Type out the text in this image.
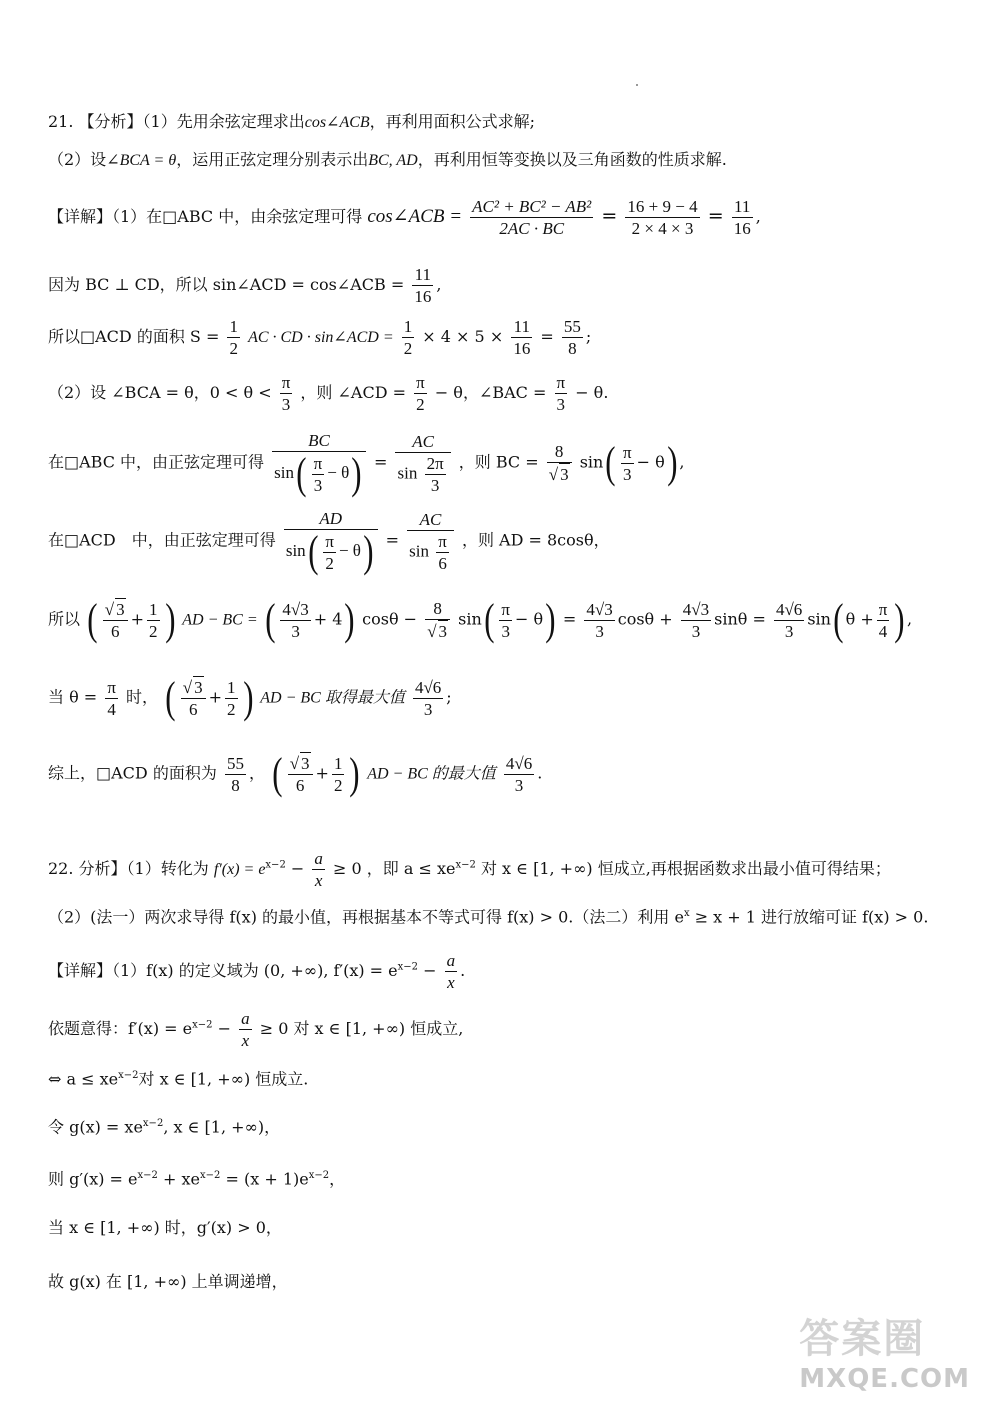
21. 【分析】（1）先用余弦定理求出cos∠ACB，再利用面积公式求解;
（2）设∠BCA = θ，运用正弦定理分别表示出BC, AD，再利用恒等变换以及三角函数的性质求解.
【详解】（1）在□ABC 中，由余弦定理可得 cos∠ACB = $\frac{\text{AC² + BC² − AB²}}{2AC \cdot BC} = \frac{16 + 9 - 4}{2 \times 4 \times 3} = \frac{11}{16}$ ,
因为 BC ⊥ CD，所以 sin∠ACD = cos∠ACB = $\frac{11}{16}$ ,
所以□ACD 的面积 $S = \frac{1}{2}$ AC · CD · sin∠ACD = $\frac{1}{2} \times 4 \times 5 \times \frac{11}{16} = \frac{55}{8}$ ;
（2）设 ∠BCA = θ，$0 < \theta < \frac{\pi}{3}$ ，则 ∠ACD = $\frac{\pi}{2} - \theta$，∠BAC = $\frac{\pi}{3} - \theta$.
在□ABC 中，由正弦定理可得 $\frac{BC}{\sin( \frac{\pi}{3} - \theta)} = \frac{AC}{\sin \frac{2\pi}{3}}$ ，则 BC = $\frac{8}{√ 3} \sin( \frac{\pi}{3} - \theta)$ ,
在□ACD　中，由正弦定理可得 $\frac{AD}{\sin( \frac{\pi}{2} - \theta)} = \frac{AC}{\sin \frac{\pi}{6}}$ ，则 AD = 8cosθ，
所以 ( $\frac{√ 3}{6} + \frac{1}{2}$ ) AD − BC = ( $\frac{4√3}{3} + 4$) $\cos\theta - \frac{8}{√ 3} \sin( \frac{\pi}{3} - \theta) = \frac{4√3}{3}$ $\cos\theta + \frac{4√3}{3}$ $\sin\theta = \frac{4√6}{3} \sin$( $\theta + \frac{\pi}{4}$ ) ,
当 $\theta = \frac{\pi}{4}$ 时， ( $\frac{√ 3}{6} + \frac{1}{2}$ ) AD − BC 取得最大值 $\frac{4√6}{3}$ ;
综上，□ACD 的面积为 $\frac{55}{8}$ ， ( $\frac{√ 3}{6} + \frac{1}{2}$ ) AD − BC 的最大值 $\frac{4√6}{3}$ .
22. 分析】（1）转化为 $f'(x) = e^{x-2} - \frac{a}{x} \ge 0$ ，即 $a \le xe^{x-2}$ 对 x ∈ [1, +∞) 恒成立,再根据函数求出最小值可得结果；
（2）(法一）两次求导得 f(x) 的最小值，再根据基本不等式可得 f(x) > 0.（法二）利用 $e^x \ge x + 1$ 进行放缩可证 f(x) > 0.
【详解】（1）f(x) 的定义域为 (0, +∞), $f'(x) = e^{x-2} - \frac{a}{x}$ .
依题意得：$f'(x) = e^{x-2} - \frac{a}{x} \ge 0$ 对 x ∈ [1, +∞) 恒成立,
⇔ $a \le xe^{x-2}$对 x ∈ [1, +∞) 恒成立.
令 $g(x) = xe^{x-2}$, x ∈ [1, +∞)，
则 $g'(x) = e^{x-2} + xe^{x-2} = (x + 1)e^{x-2}$，
当 x ∈ [1, +∞) 时，g′(x) > 0，
故 g(x) 在 [1, +∞) 上单调递增，
答案圈
MXQE.COM
